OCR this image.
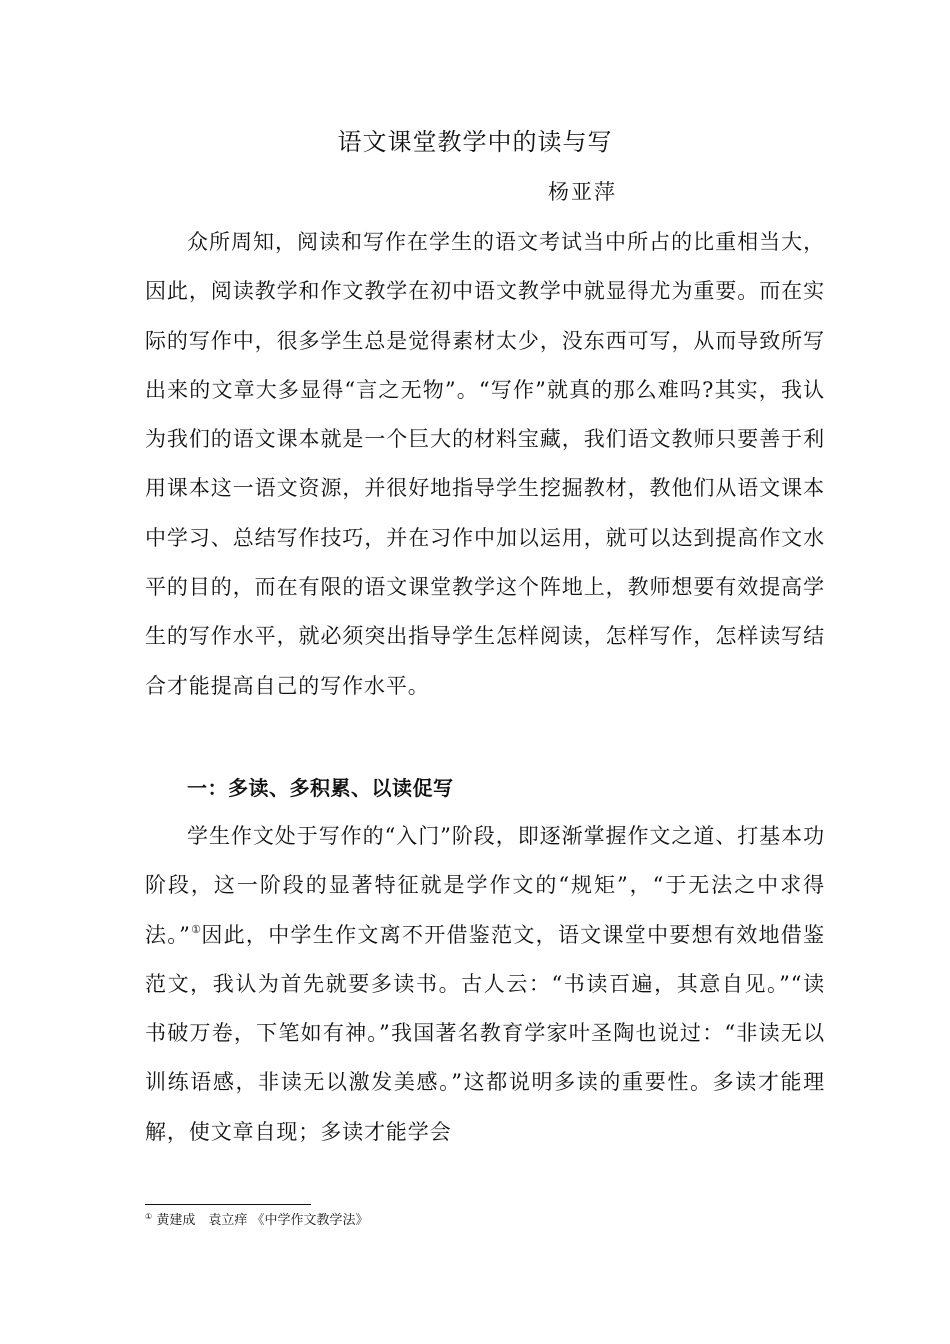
语文课堂教学中的读与写
杨亚萍

众所周知，阅读和写作在学生的语文考试当中所占的比重相当大，因此，阅读教学和作文教学在初中语文教学中就显得尤为重要。而在实际的写作中，很多学生总是觉得素材太少，没东西可写，从而导致所写出来的文章大多显得“言之无物”。“写作”就真的那么难吗?其实，我认为我们的语文课本就是一个巨大的材料宝藏，我们语文教师只要善于利用课本这一语文资源，并很好地指导学生挖掘教材，教他们从语文课本中学习、总结写作技巧，并在习作中加以运用，就可以达到提高作文水平的目的，而在有限的语文课堂教学这个阵地上，教师想要有效提高学生的写作水平，就必须突出指导学生怎样阅读，怎样写作，怎样读写结合才能提高自己的写作水平。

一：多读、多积累、以读促写

学生作文处于写作的“入门”阶段，即逐渐掌握作文之道、打基本功阶段，这一阶段的显著特征就是学作文的“规矩”，“于无法之中求得法。”①因此，中学生作文离不开借鉴范文，语文课堂中要想有效地借鉴范文，我认为首先就要多读书。古人云：“书读百遍，其意自见。”“读书破万卷，下笔如有神。”我国著名教育学家叶圣陶也说过：“非读无以训练语感，非读无以激发美感。”这都说明多读的重要性。多读才能理解，使文章自现；多读才能学会

① 黄建成　袁立痒 《中学作文教学法》
